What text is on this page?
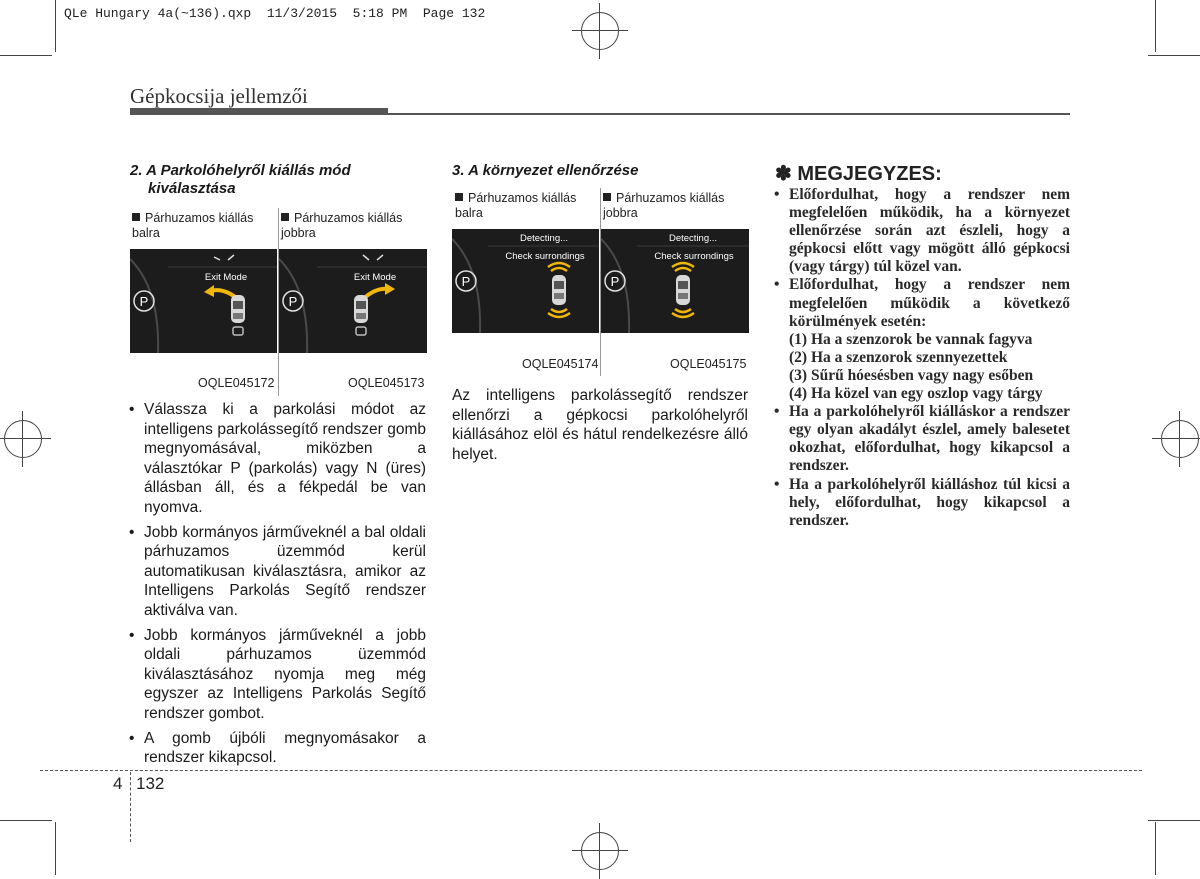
QLe Hungary 4a(~136).qxp  11/3/2015  5:18 PM  Page 132
Gépkocsija jellemzői
2. A Parkolóhelyről kiállás mód
kiválasztása
Párhuzamos kiállás balra
Párhuzamos kiállás jobbra
P
Exit Mode
P
Exit Mode
OQLE045172	OQLE045173
• Válassza ki a parkolási módot az intelligens parkolássegítő rendszer gomb megnyomásával, miközben a választókar P (parkolás) vagy N (üres) állásban áll, és a fékpedál be van nyomva.
• Jobb kormányos járműveknél a bal oldali párhuzamos üzemmód kerül automatikusan kiválasztásra, amikor az Intelligens Parkolás Segítő rendszer aktiválva van.
• Jobb kormányos járműveknél a jobb oldali párhuzamos üzemmód kiválasztásához nyomja meg még egyszer az Intelligens Parkolás Segítő rendszer gombot.
• A gomb újbóli megnyomásakor a rendszer kikapcsol.
3. A környezet ellenőrzése
Párhuzamos kiállás balra
Párhuzamos kiállás jobbra
P
Detecting...
Check surrondings
P
Detecting...
Check surrondings
OQLE045174	OQLE045175
Az intelligens parkolássegítő rendszer ellenőrzi a gépkocsi parkolóhelyről kiállásához elöl és hátul rendelkezésre álló helyet.
✽ MEGJEGYZES:
• Előfordulhat, hogy a rendszer nem megfelelően működik, ha a környezet ellenőrzése során azt észleli, hogy a gépkocsi előtt vagy mögött álló gépkocsi (vagy tárgy) túl közel van.
• Előfordulhat, hogy a rendszer nem megfelelően működik a következő körülmények esetén:
(1) Ha a szenzorok be vannak fagyva
(2) Ha a szenzorok szennyezettek
(3) Sűrű hóesésben vagy nagy esőben
(4) Ha közel van egy oszlop vagy tárgy
• Ha a parkolóhelyről kiálláskor a rendszer egy olyan akadályt észlel, amely balesetet okozhat, előfordulhat, hogy kikapcsol a rendszer.
• Ha a parkolóhelyről kiálláshoz túl kicsi a hely, előfordulhat, hogy kikapcsol a rendszer.
4 132
